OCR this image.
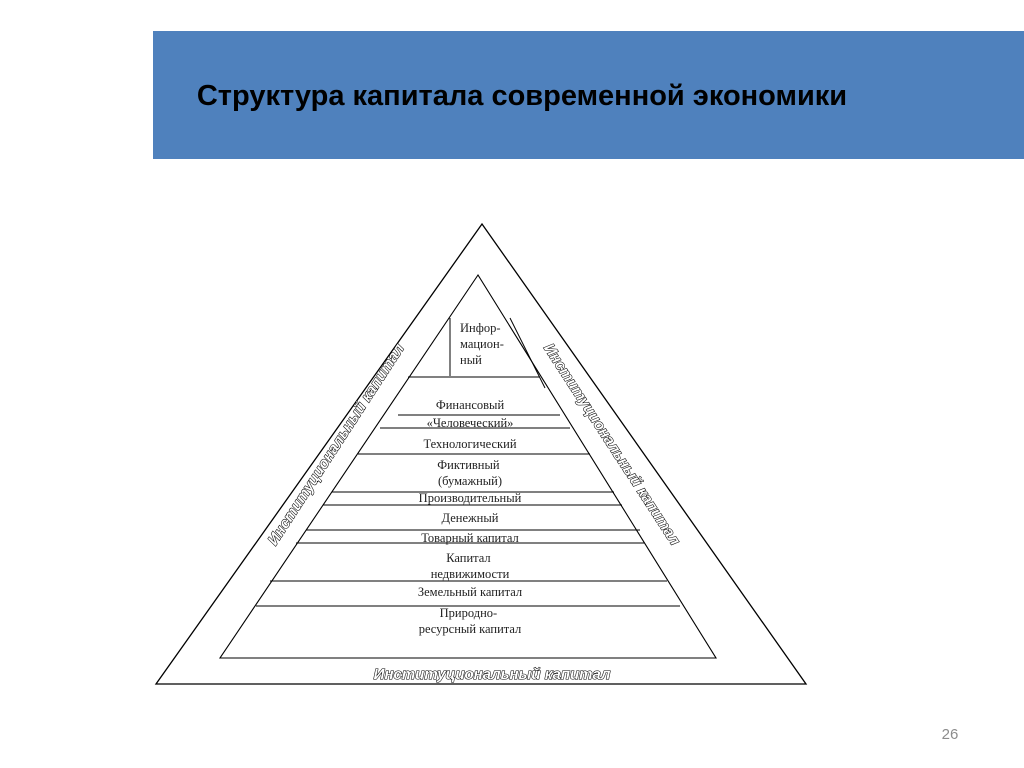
Структура капитала современной экономики
Инфор- мацион- ный
Финансовый
«Человеческий»
Технологический
Фиктивный (бумажный)
Производительный
Денежный
Товарный капитал
Капитал недвижимости
Земельный капитал
Природно- ресурсный капитал
Институциональный капитал	Институциональный капитал
Институциональный капитал
26
